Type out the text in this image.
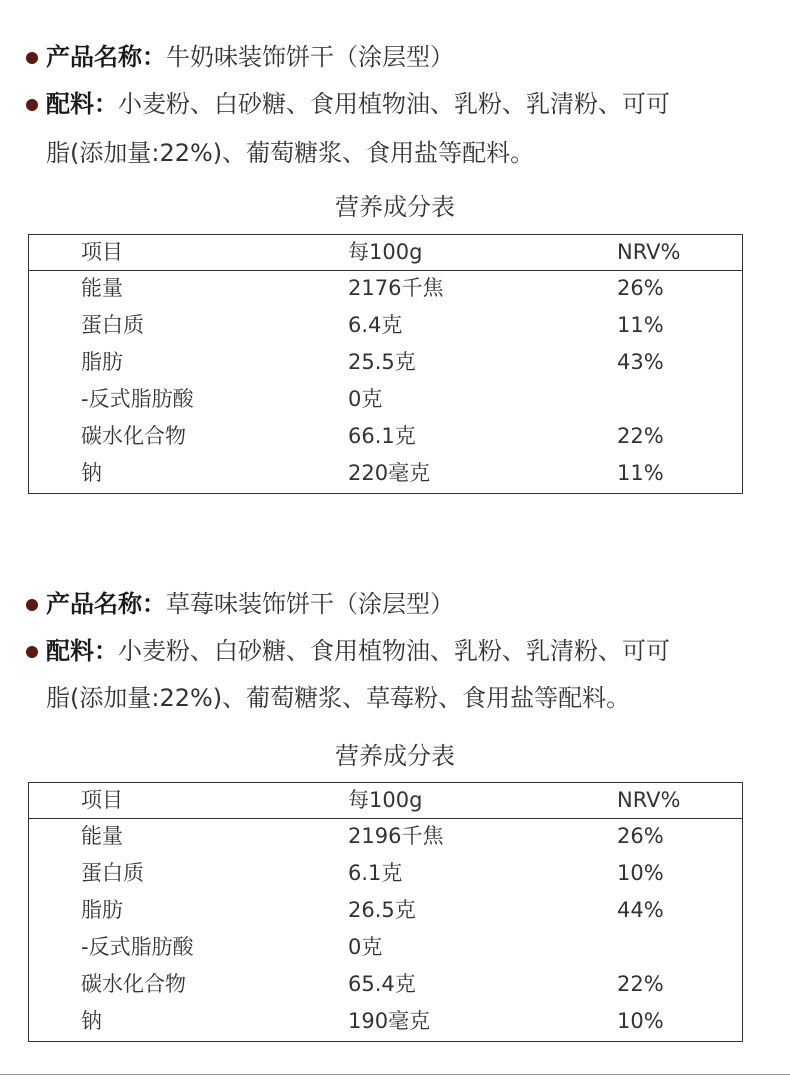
产品名称：牛奶味装饰饼干（涂层型）
配料：小麦粉、白砂糖、食用植物油、乳粉、乳清粉、可可
脂(添加量:22%)、葡萄糖浆、食用盐等配料。
营养成分表
项目	每100g	NRV%
能量	2176千焦	26%
蛋白质	6.4克	11%
脂肪	25.5克	43%
-反式脂肪酸	0克
碳水化合物	66.1克	22%
钠	220毫克	11%
产品名称：草莓味装饰饼干（涂层型）
配料：小麦粉、白砂糖、食用植物油、乳粉、乳清粉、可可
脂(添加量:22%)、葡萄糖浆、草莓粉、食用盐等配料。
营养成分表
项目	每100g	NRV%
能量	2196千焦	26%
蛋白质	6.1克	10%
脂肪	26.5克	44%
-反式脂肪酸	0克
碳水化合物	65.4克	22%
钠	190毫克	10%
